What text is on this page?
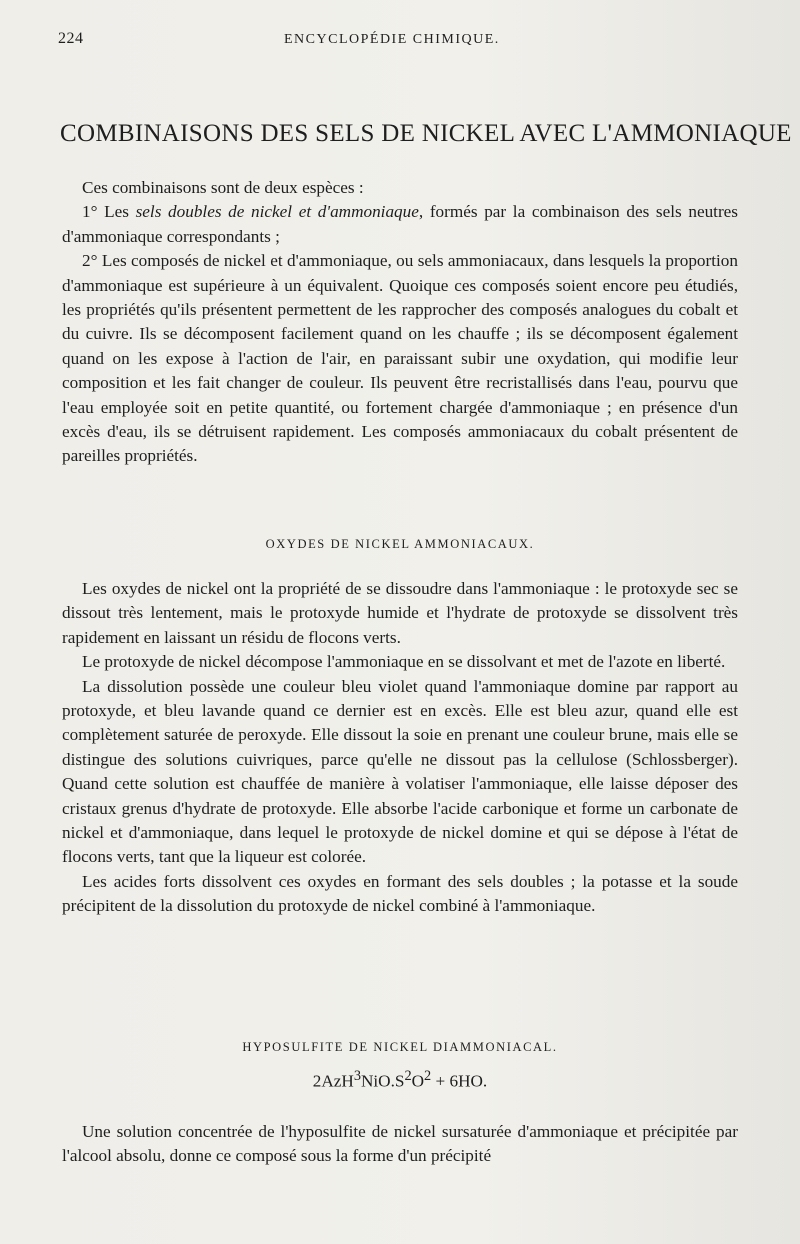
224	ENCYCLOPÉDIE CHIMIQUE.
COMBINAISONS DES SELS DE NICKEL AVEC L'AMMONIAQUE

Ces combinaisons sont de deux espèces :

1° Les sels doubles de nickel et d'ammoniaque, formés par la combinaison des sels neutres d'ammoniaque correspondants ;

2° Les composés de nickel et d'ammoniaque, ou sels ammoniacaux, dans lesquels la proportion d'ammoniaque est supérieure à un équivalent. Quoique ces composés soient encore peu étudiés, les propriétés qu'ils présentent permettent de les rapprocher des composés analogues du cobalt et du cuivre. Ils se décomposent facilement quand on les chauffe ; ils se décomposent également quand on les expose à l'action de l'air, en paraissant subir une oxydation, qui modifie leur composition et les fait changer de couleur. Ils peuvent être recristallisés dans l'eau, pourvu que l'eau employée soit en petite quantité, ou fortement chargée d'ammoniaque ; en présence d'un excès d'eau, ils se détruisent rapidement. Les composés ammoniacaux du cobalt présentent de pareilles propriétés.

OXYDES DE NICKEL AMMONIACAUX.

Les oxydes de nickel ont la propriété de se dissoudre dans l'ammoniaque : le protoxyde sec se dissout très lentement, mais le protoxyde humide et l'hydrate de protoxyde se dissolvent très rapidement en laissant un résidu de flocons verts.

Le protoxyde de nickel décompose l'ammoniaque en se dissolvant et met de l'azote en liberté.

La dissolution possède une couleur bleu violet quand l'ammoniaque domine par rapport au protoxyde, et bleu lavande quand ce dernier est en excès. Elle est bleu azur, quand elle est complètement saturée de peroxyde. Elle dissout la soie en prenant une couleur brune, mais elle se distingue des solutions cuivriques, parce qu'elle ne dissout pas la cellulose (Schlossberger). Quand cette solution est chauffée de manière à volatiser l'ammoniaque, elle laisse déposer des cristaux grenus d'hydrate de protoxyde. Elle absorbe l'acide carbonique et forme un carbonate de nickel et d'ammoniaque, dans lequel le protoxyde de nickel domine et qui se dépose à l'état de flocons verts, tant que la liqueur est colorée.

Les acides forts dissolvent ces oxydes en formant des sels doubles ; la potasse et la soude précipitent de la dissolution du protoxyde de nickel combiné à l'ammoniaque.

HYPOSULFITE DE NICKEL DIAMMONIACAL.
$2AzH^3NiO.S^2O^2 + 6HO$.

Une solution concentrée de l'hyposulfite de nickel sursaturée d'ammoniaque et précipitée par l'alcool absolu, donne ce composé sous la forme d'un précipité
